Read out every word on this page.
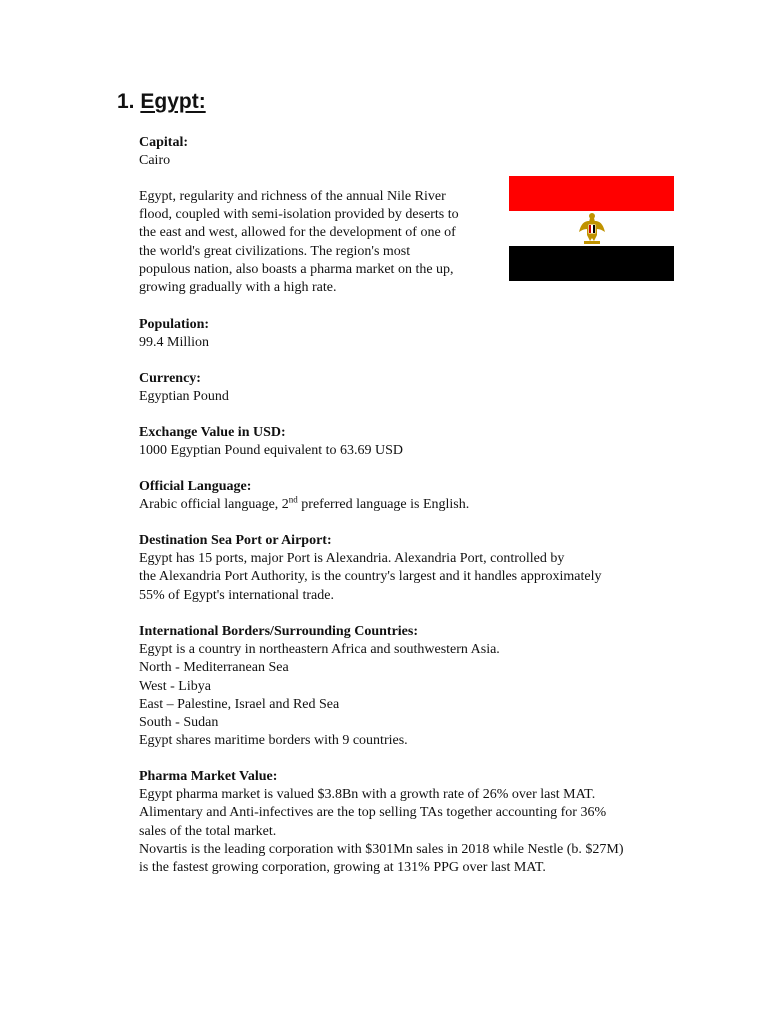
1. Egypt:
Capital:
Cairo
Egypt, regularity and richness of the annual Nile River
flood, coupled with semi-isolation provided by deserts to
the east and west, allowed for the development of one of
the world's great civilizations. The region's most
populous nation, also boasts a pharma market on the up,
growing gradually with a high rate.
Population:
99.4 Million
Currency:
Egyptian Pound
Exchange Value in USD:
1000 Egyptian Pound equivalent to 63.69 USD
Official Language:
Arabic official language, 2nd preferred language is English.
Destination Sea Port or Airport:
Egypt has 15 ports, major Port is Alexandria. Alexandria Port, controlled by
the Alexandria Port Authority, is the country's largest and it handles approximately
55% of Egypt's international trade.
International Borders/Surrounding Countries:
Egypt is a country in northeastern Africa and southwestern Asia.
North - Mediterranean Sea
West - Libya
East – Palestine, Israel and Red Sea
South - Sudan
Egypt shares maritime borders with 9 countries.
Pharma Market Value:
Egypt pharma market is valued $3.8Bn with a growth rate of 26% over last MAT.
Alimentary and Anti-infectives are the top selling TAs together accounting for 36%
sales of the total market.
Novartis is the leading corporation with $301Mn sales in 2018 while Nestle (b. $27M)
is the fastest growing corporation, growing at 131% PPG over last MAT.
